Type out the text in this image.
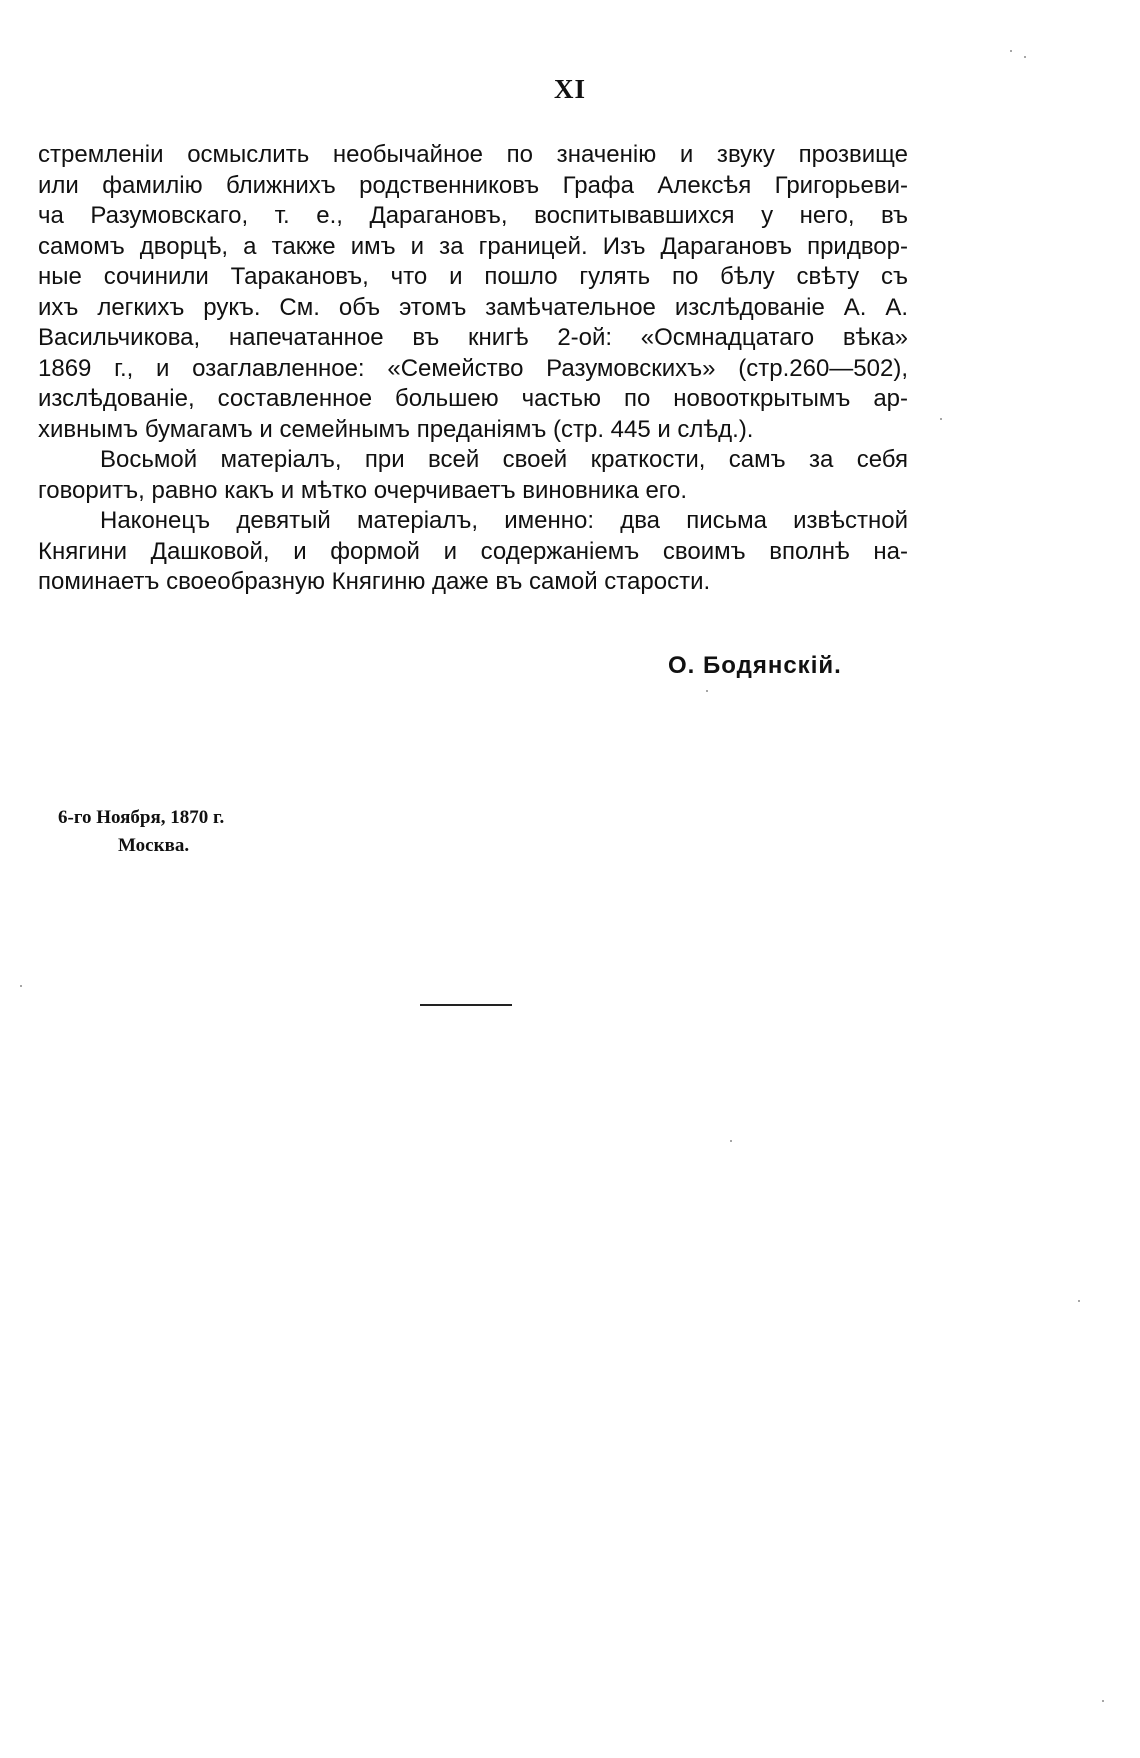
XI
стремленіи осмыслить необычайное по значенію и звуку прозвище
или фамилію ближнихъ родственниковъ Графа Алексѣя Григорьеви-
ча Разумовскаго, т. е., Дарагановъ, воспитывавшихся у него, въ
самомъ дворцѣ, а также имъ и за границей. Изъ Дарагановъ придвор-
ные сочинили Таракановъ, что и пошло гулять по бѣлу свѣту съ
ихъ легкихъ рукъ. См. объ этомъ замѣчательное изслѣдованіе А. А.
Васильчикова, напечатанное въ книгѣ 2-ой: «Осмнадцатаго вѣка»
1869 г., и озаглавленное: «Семейство Разумовскихъ» (стр.260—502),
изслѣдованіе, составленное большею частью по новооткрытымъ ар-
хивнымъ бумагамъ и семейнымъ преданіямъ (стр. 445 и слѣд.).
Восьмой матеріалъ, при всей своей краткости, самъ за себя
говоритъ, равно какъ и мѣтко очерчиваетъ виновника его.
Наконецъ девятый матеріалъ, именно: два письма извѣстной
Княгини Дашковой, и формой и содержаніемъ своимъ вполнѣ на-
поминаетъ своеобразную Княгиню даже въ самой старости.
О. Бодянскій.
6-го Ноября, 1870 г.
Москва.
